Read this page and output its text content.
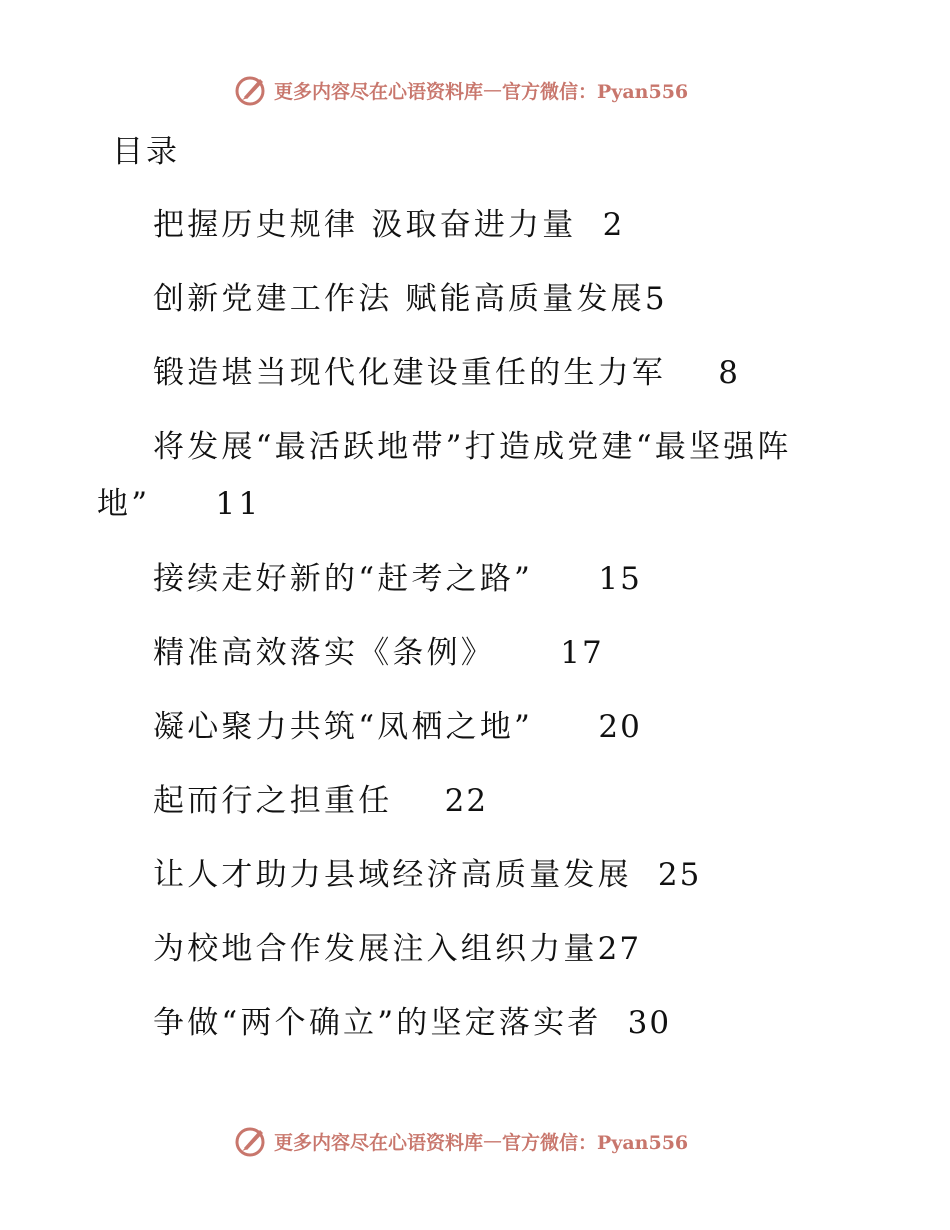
更多内容尽在心语资料库 — 官方微信：Pyan556
目录
把握历史规律 汲取奋进力量 2
创新党建工作法 赋能高质量发展5
锻造堪当现代化建设重任的生力军 8
将发展“最活跃地带”打造成党建“最坚强阵
地” 11
接续走好新的“赶考之路” 15
精准高效落实《条例》 17
凝心聚力共筑“凤栖之地” 20
起而行之担重任 22
让人才助力县域经济高质量发展 25
为校地合作发展注入组织力量27
争做“两个确立”的坚定落实者 30
更多内容尽在心语资料库 — 官方微信：Pyan556
